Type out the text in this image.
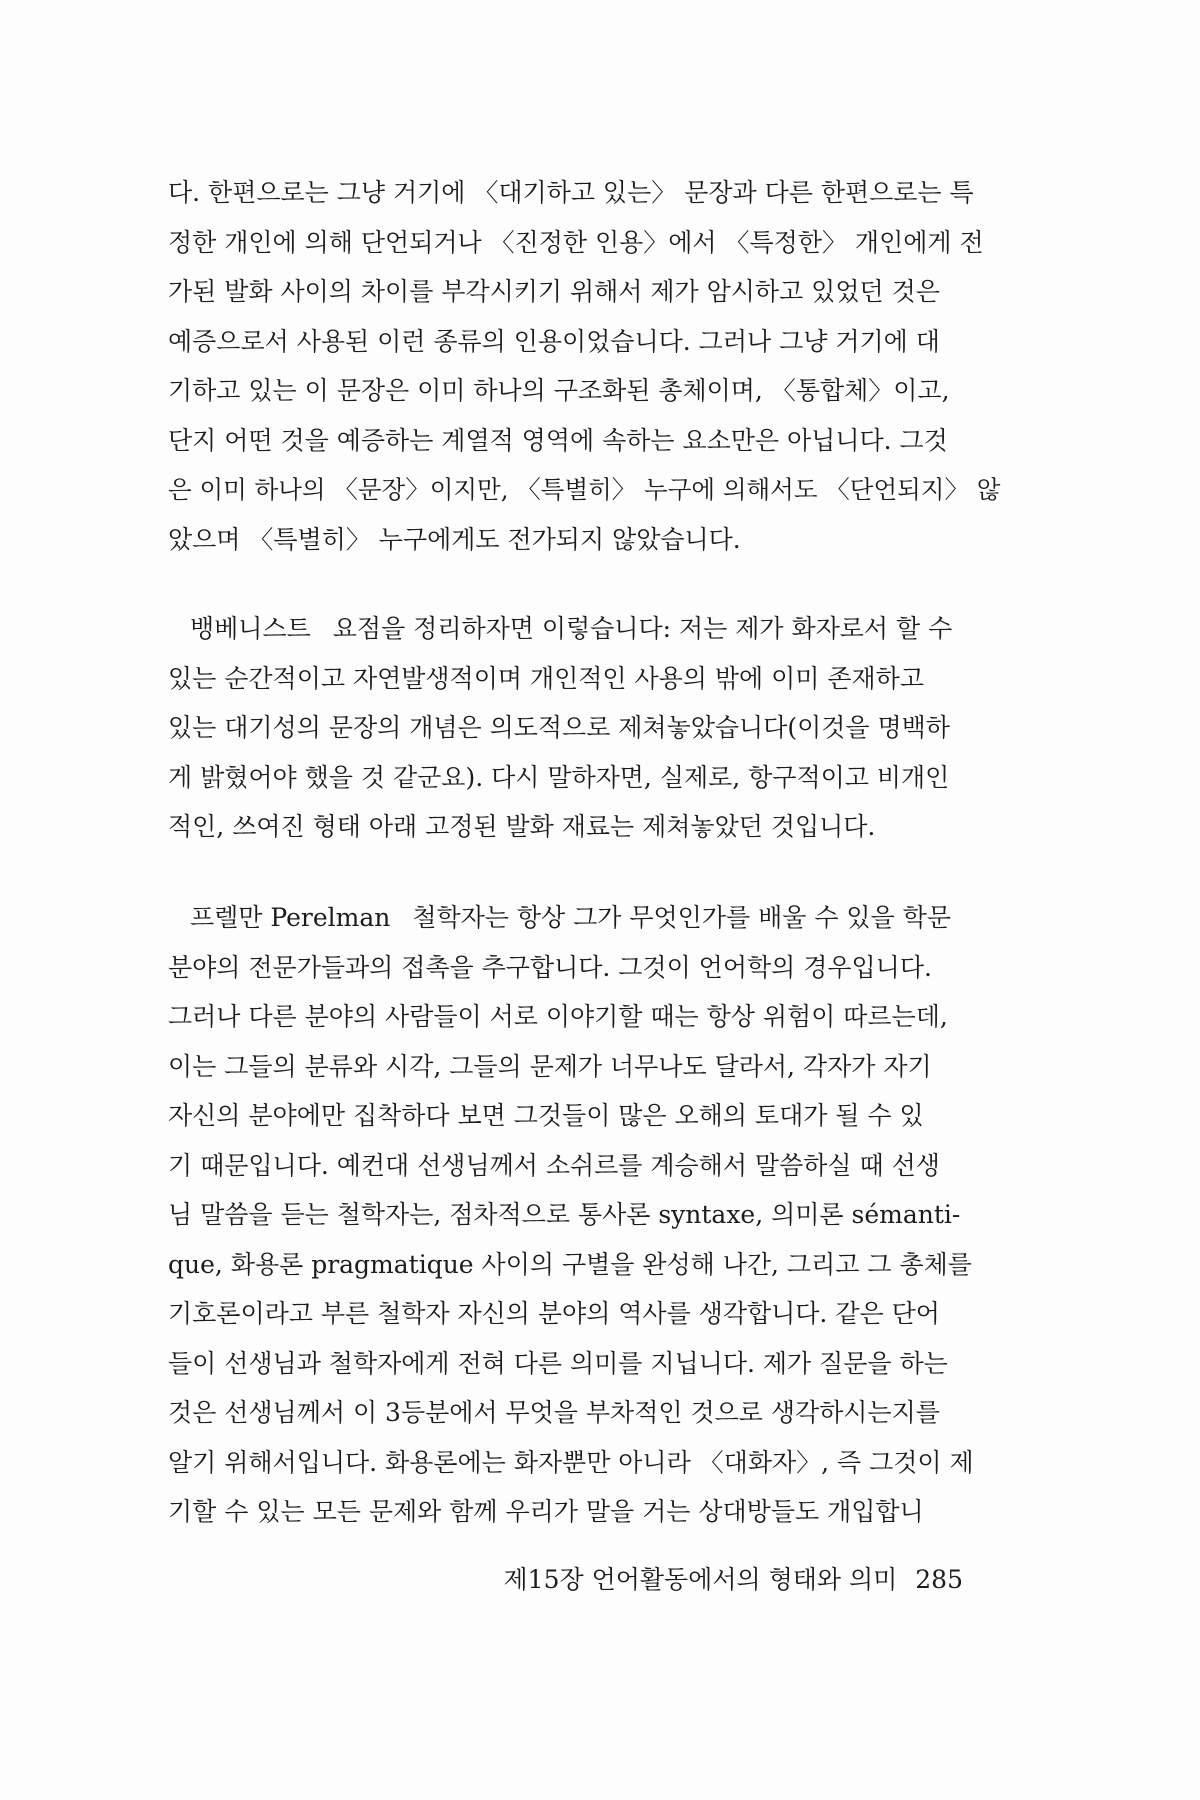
다. 한편으로는 그냥 거기에 〈대기하고 있는〉 문장과 다른 한편으로는 특
정한 개인에 의해 단언되거나 〈진정한 인용〉에서 〈특정한〉 개인에게 전
가된 발화 사이의 차이를 부각시키기 위해서 제가 암시하고 있었던 것은
예증으로서 사용된 이런 종류의 인용이었습니다. 그러나 그냥 거기에 대
기하고 있는 이 문장은 이미 하나의 구조화된 총체이며, 〈통합체〉이고,
단지 어떤 것을 예증하는 계열적 영역에 속하는 요소만은 아닙니다. 그것
은 이미 하나의 〈문장〉이지만, 〈특별히〉 누구에 의해서도 〈단언되지〉 않
았으며 〈특별히〉 누구에게도 전가되지 않았습니다.
뱅베니스트 요점을 정리하자면 이렇습니다: 저는 제가 화자로서 할 수
있는 순간적이고 자연발생적이며 개인적인 사용의 밖에 이미 존재하고
있는 대기성의 문장의 개념은 의도적으로 제쳐놓았습니다(이것을 명백하
게 밝혔어야 했을 것 같군요). 다시 말하자면, 실제로, 항구적이고 비개인
적인, 쓰여진 형태 아래 고정된 발화 재료는 제쳐놓았던 것입니다.
프렐만 Perelman 철학자는 항상 그가 무엇인가를 배울 수 있을 학문
분야의 전문가들과의 접촉을 추구합니다. 그것이 언어학의 경우입니다.
그러나 다른 분야의 사람들이 서로 이야기할 때는 항상 위험이 따르는데,
이는 그들의 분류와 시각, 그들의 문제가 너무나도 달라서, 각자가 자기
자신의 분야에만 집착하다 보면 그것들이 많은 오해의 토대가 될 수 있
기 때문입니다. 예컨대 선생님께서 소쉬르를 계승해서 말씀하실 때 선생
님 말씀을 듣는 철학자는, 점차적으로 통사론 syntaxe, 의미론 sémanti-
que, 화용론 pragmatique 사이의 구별을 완성해 나간, 그리고 그 총체를
기호론이라고 부른 철학자 자신의 분야의 역사를 생각합니다. 같은 단어
들이 선생님과 철학자에게 전혀 다른 의미를 지닙니다. 제가 질문을 하는
것은 선생님께서 이 3등분에서 무엇을 부차적인 것으로 생각하시는지를
알기 위해서입니다. 화용론에는 화자뿐만 아니라 〈대화자〉, 즉 그것이 제
기할 수 있는 모든 문제와 함께 우리가 말을 거는 상대방들도 개입합니
제15장 언어활동에서의 형태와 의미 285
